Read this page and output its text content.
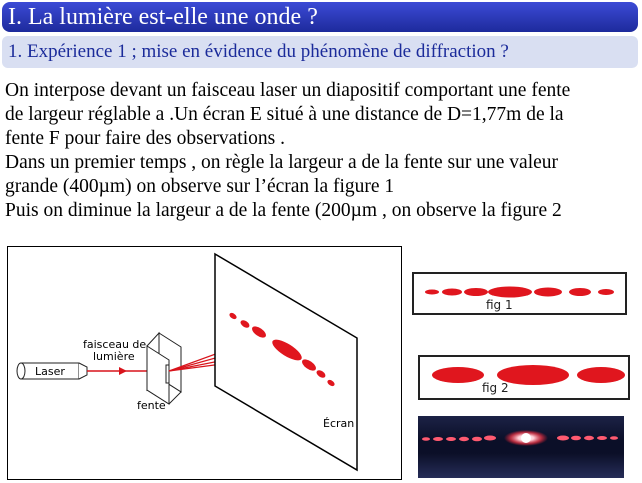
I. La lumière est-elle une onde ?
1. Expérience 1 ; mise en évidence du phénomène de diffraction ?
On interpose devant un faisceau laser un diapositif comportant une fente
de largeur réglable a .Un écran E situé à une distance de D=1,77m de la
fente F pour faire des observations .
Dans un premier temps , on règle la largeur a de la fente sur une valeur
grande (400µm) on observe sur l’écran la figure 1
Puis on diminue la largeur a de la fente (200µm , on observe la figure 2
Laser
faisceau de
lumière
fente
Écran
fig 1
fig 2
